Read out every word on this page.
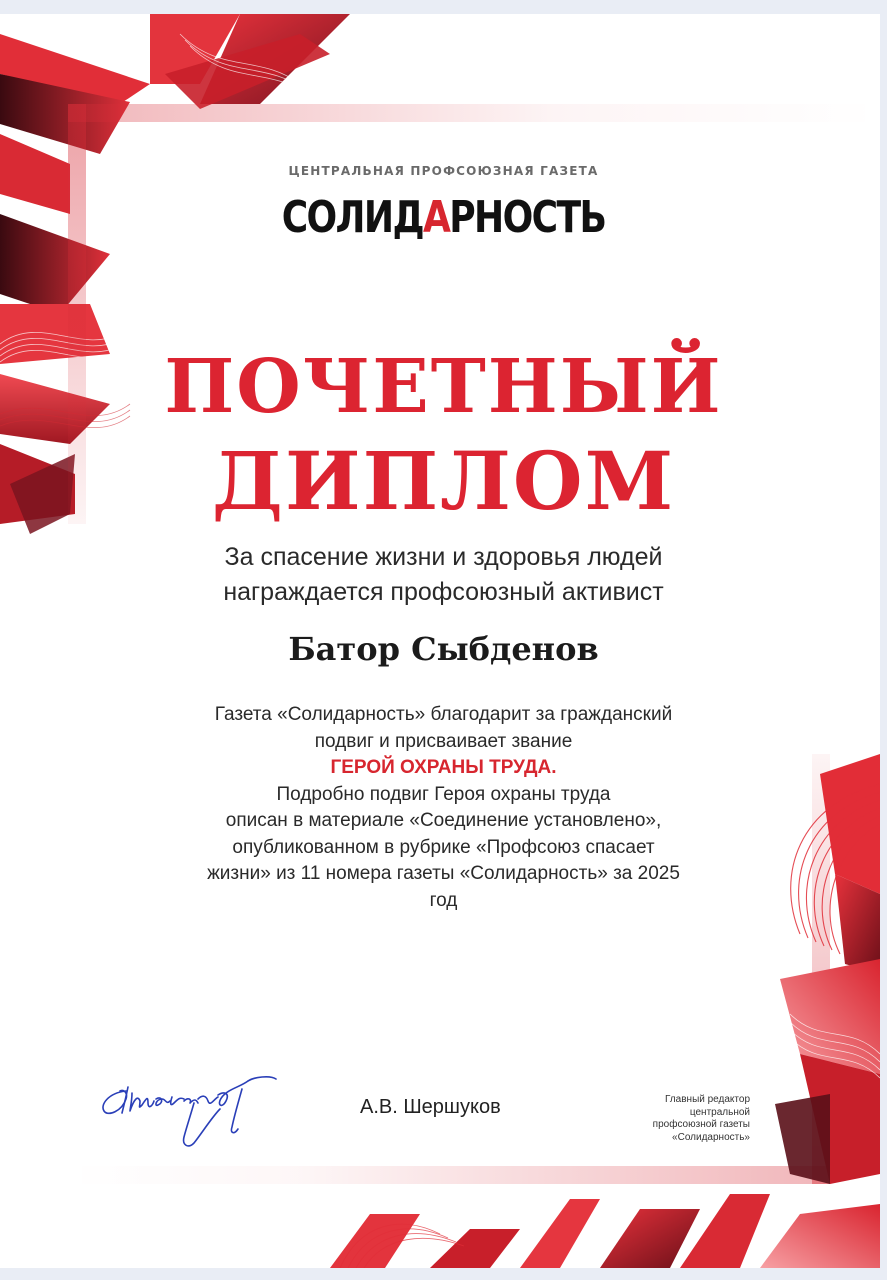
ЦЕНТРАЛЬНАЯ ПРОФСОЮЗНАЯ ГАЗЕТА
СОЛИДАРНОСТЬ
ПОЧЕТНЫЙ
ДИПЛОМ
За спасение жизни и здоровья людей
награждается профсоюзный активист
Батор Сыбденов
Газета «Солидарность» благодарит за гражданский
подвиг и присваивает звание
ГЕРОЙ ОХРАНЫ ТРУДА.
Подробно подвиг Героя охраны труда
описан в материале «Соединение установлено»,
опубликованном в рубрике «Профсоюз спасает
жизни» из 11 номера газеты «Солидарность» за 2025
год
А.В. Шершуков	Главный редактор
центральной
профсоюзной газеты
«Солидарность»
